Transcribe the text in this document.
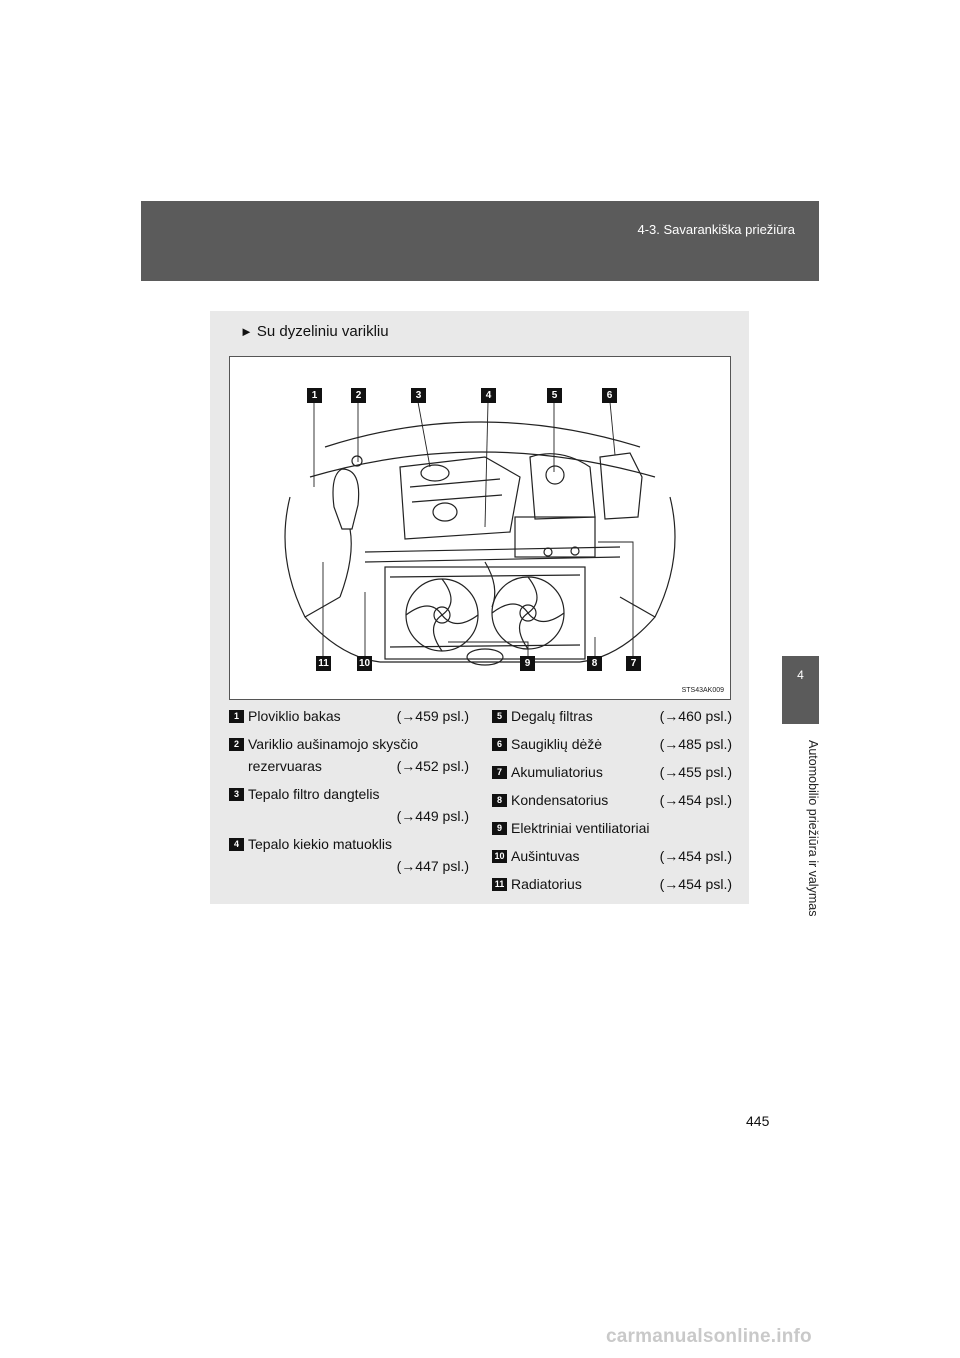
4-3. Savarankiška priežiūra
4
Automobilio priežiūra ir valymas
► Su dyzeliniu varikliu
1	2	3	4	5	6
11	10	9	8	7
STS43AK009
1 Ploviklio bakas	(→459 psl.)
2 Variklio aušinamojo skysčio
rezervuaras	(→452 psl.)
3 Tepalo filtro dangtelis
(→449 psl.)
4 Tepalo kiekio matuoklis
(→447 psl.)
5 Degalų filtras	(→460 psl.)
6 Saugiklių dėžė	(→485 psl.)
7 Akumuliatorius	(→455 psl.)
8 Kondensatorius	(→454 psl.)
9 Elektriniai ventiliatoriai
10 Aušintuvas	(→454 psl.)
11 Radiatorius	(→454 psl.)
445
carmanualsonline.info
